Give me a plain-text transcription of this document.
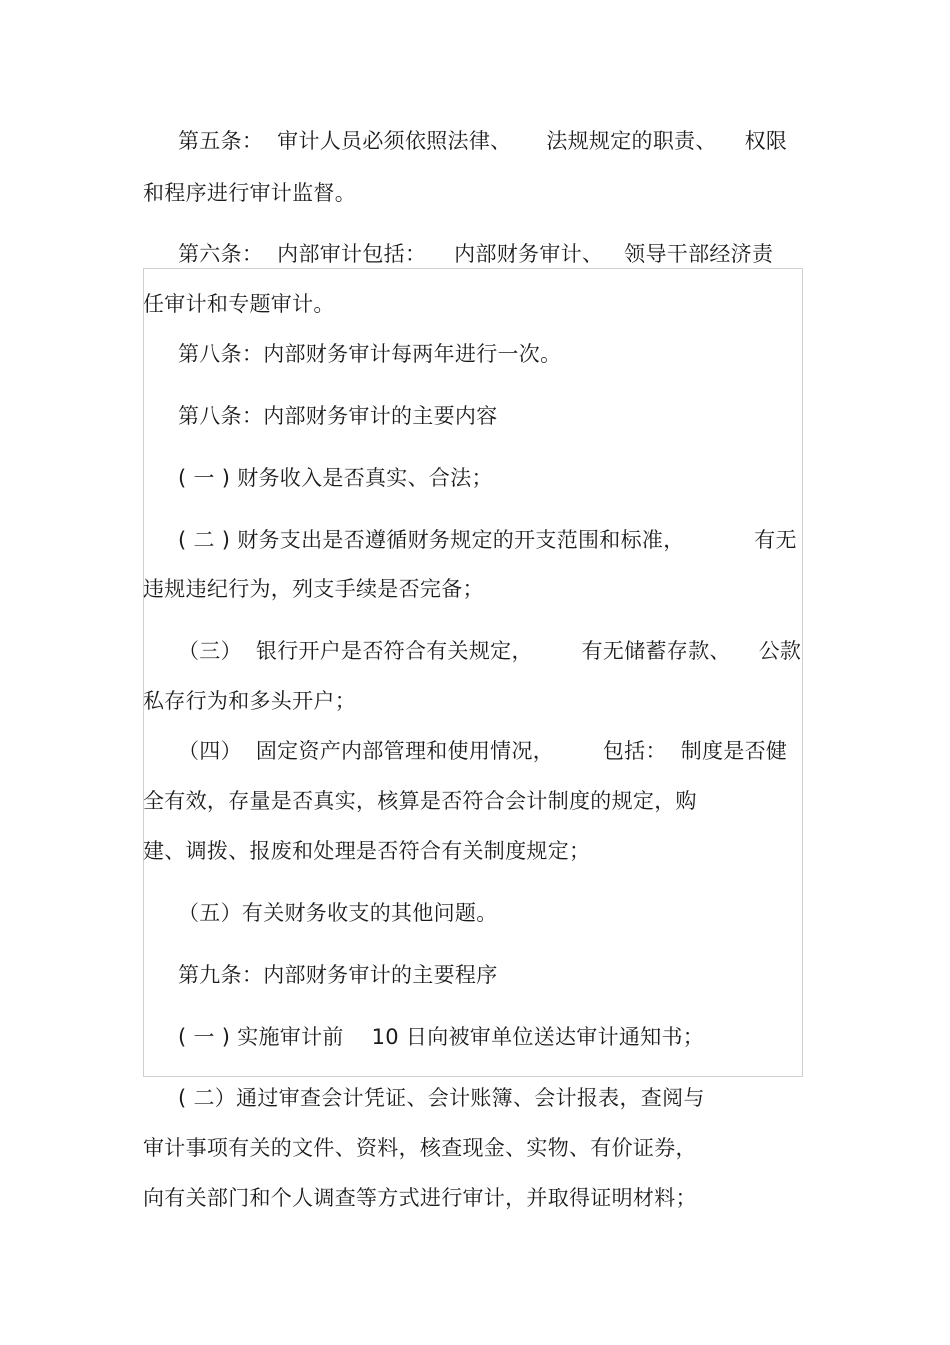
第五条：  审计人员必须依照法律、     法规规定的职责、    权限
和程序进行审计监督。
第六条：  内部审计包括：    内部财务审计、   领导干部经济责
任审计和专题审计。
第八条：内部财务审计每两年进行一次。
第八条：内部财务审计的主要内容
( 一 ) 财务收入是否真实、合法；
( 二 ) 财务支出是否遵循财务规定的开支范围和标准，          有无
违规违纪行为，列支手续是否完备；
（三）  银行开户是否符合有关规定，       有无储蓄存款、    公款
私存行为和多头开户；
（四）  固定资产内部管理和使用情况，       包括：  制度是否健
全有效，存量是否真实，核算是否符合会计制度的规定，购
建、调拨、报废和处理是否符合有关制度规定；
（五）有关财务收支的其他问题。
第九条：内部财务审计的主要程序
( 一 ) 实施审计前    10 日向被审单位送达审计通知书；
( 二）通过审查会计凭证、会计账簿、会计报表，查阅与
审计事项有关的文件、资料，核查现金、实物、有价证券，
向有关部门和个人调查等方式进行审计，并取得证明材料；
